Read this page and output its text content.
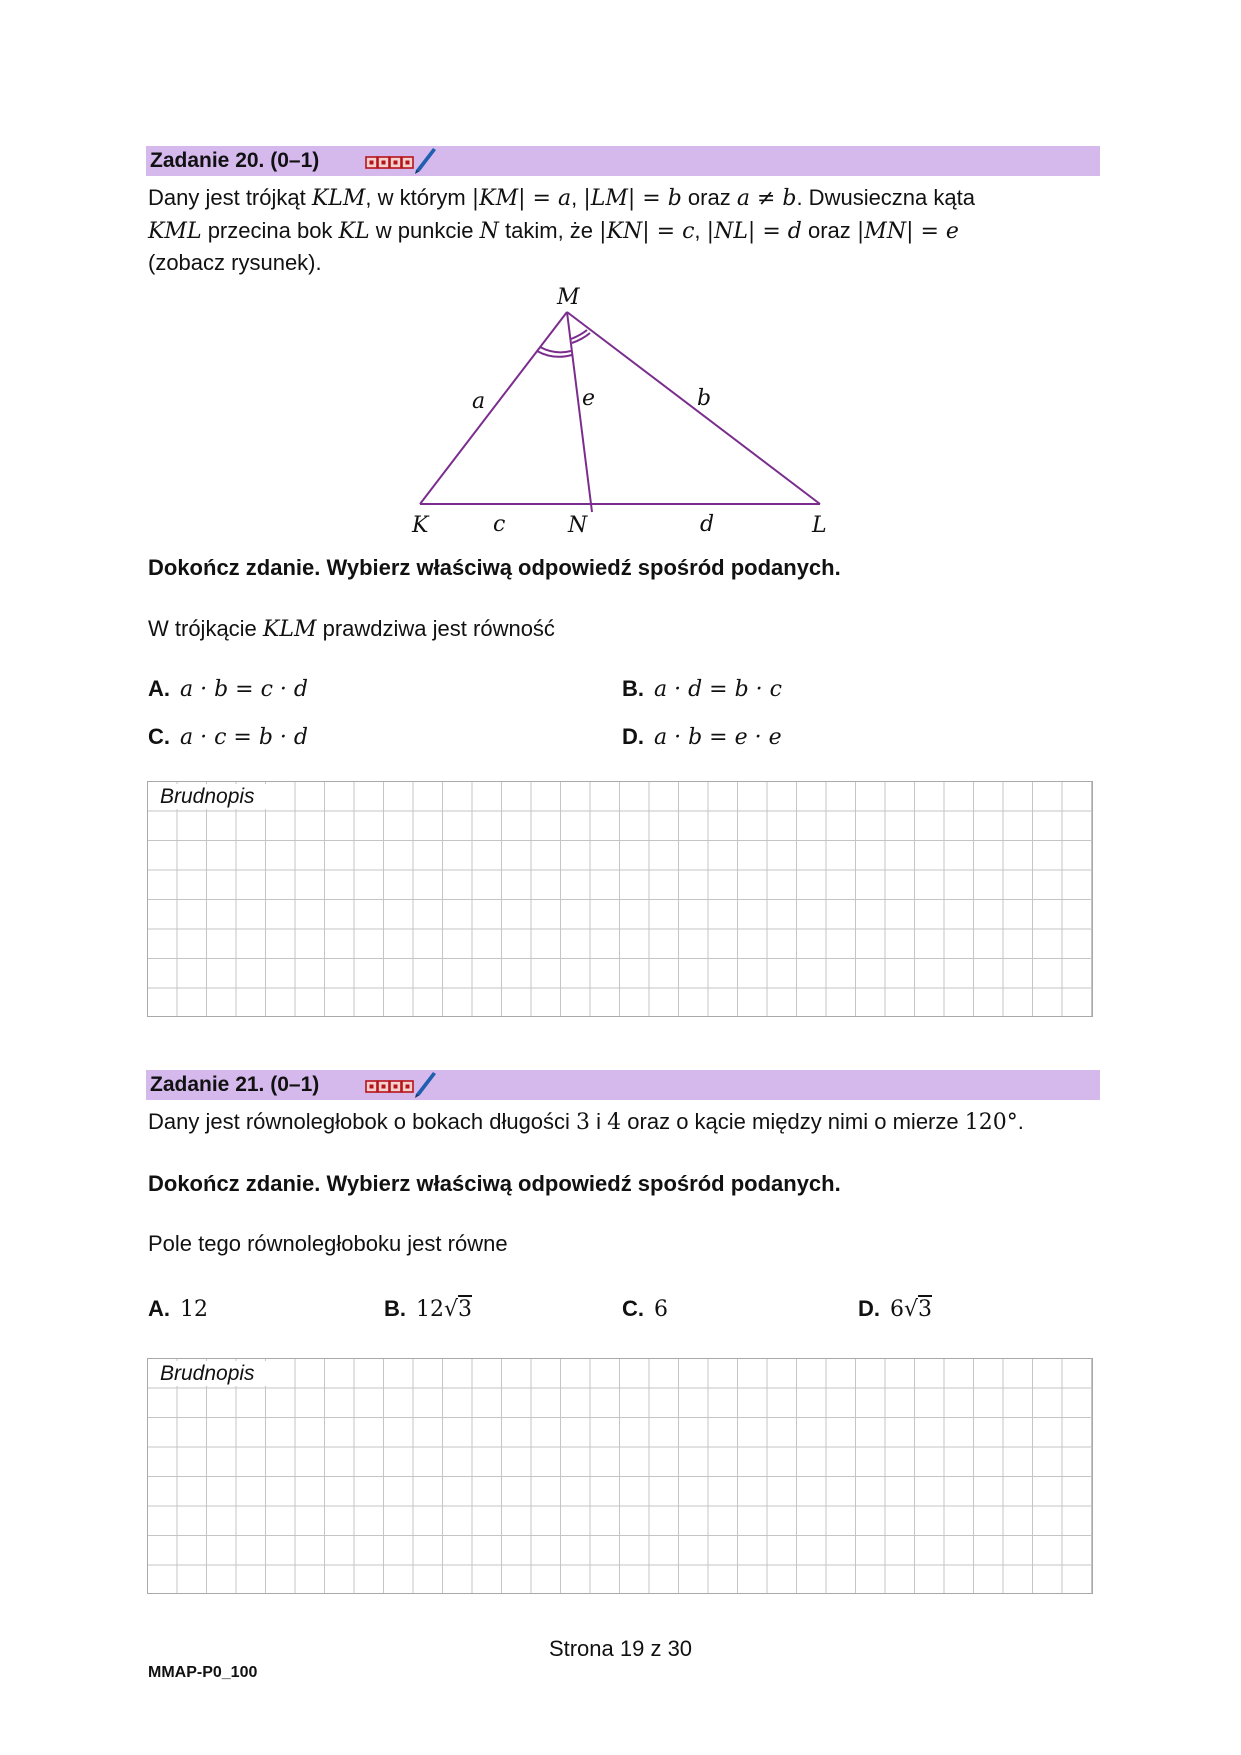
Zadanie 20. (0–1)
Dany jest trójkąt KLM, w którym |KM| = a, |LM| = b oraz a ≠ b. Dwusieczna kąta
KML przecina bok KL w punkcie N takim, że |KN| = c, |NL| = d oraz |MN| = e
(zobacz rysunek).
M
K	N	L
a	e	b
c	d
Dokończ zdanie. Wybierz właściwą odpowiedź spośród podanych.
W trójkącie KLM prawdziwa jest równość
A. a · b = c · d	B. a · d = b · c
C. a · c = b · d	D. a · b = e · e
Brudnopis
Zadanie 21. (0–1)
Dany jest równoległobok o bokach długości 3 i 4 oraz o kącie między nimi o mierze 120°.
Dokończ zdanie. Wybierz właściwą odpowiedź spośród podanych.
Pole tego równoległoboku jest równe
A. 12	B. 12√3	C. 6	D. 6√3
Brudnopis
Strona 19 z 30
MMAP-P0_100
